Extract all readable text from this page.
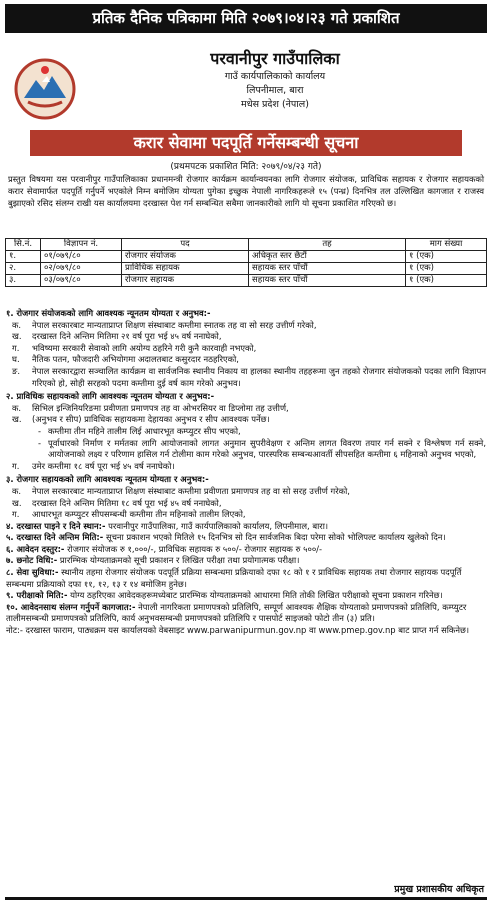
प्रतिक दैनिक पत्रिकामा मिति २०७९।०४।२३ गते प्रकाशित
परवानीपुर गाउँपालिका
गाउँ कार्यपालिकाको कार्यालय
लिपनीमाल, बारा
मधेस प्रदेश (नेपाल)
करार सेवामा पदपूर्ति गर्नेसम्बन्धी सूचना
(प्रथमपटक प्रकाशित मिति: २०७९/०४/२३ गते)
प्रस्तुत विषयमा यस परवानीपुर गाउँपालिकाका प्रधानमन्त्री रोजगार कार्यक्रम कार्यान्वयनका लागि रोजगार संयोजक, प्राविधिक सहायक र रोजगार सहायकको करार सेवामार्फत पदपूर्ति गर्नुपर्ने भएकोले निम्न बमोजिम योग्यता पुगेका इच्छुक नेपाली नागरिकहरूले १५ (पन्ध्र) दिनभित्र तल उल्लिखित कागजात र राजस्व बुझाएको रसिद संलग्न राखी यस कार्यालयमा दरखास्त पेश गर्न सम्बन्धित सबैमा जानकारीको लागि यो सूचना प्रकाशित गरिएको छ।
सि.नं.	विज्ञापन नं.	पद	तह	माग संख्या
१.	०१/०७९/८०	रोजगार संयोजक	अधिकृत स्तर छैटौं	१ (एक)
२.	०२/०७९/८०	प्राविधिक सहायक	सहायक स्तर पाँचौं	१ (एक)
३.	०३/०७९/८०	रोजगार सहायक	सहायक स्तर पाँचौं	१ (एक)
१. रोजगार संयोजकको लागि आवश्यक न्यूनतम योग्यता र अनुभव:-
क.	नेपाल सरकारबाट मान्यताप्राप्त शिक्षण संस्थाबाट कम्तीमा स्नातक तह वा सो सरह उत्तीर्ण गरेको,
ख.	दरखास्त दिने अन्तिम मितिमा २१ वर्ष पूरा भई ४५ वर्ष ननाघेको,
ग.	भविष्यमा सरकारी सेवाको लागि अयोग्य ठहरिने गरी कुनै कारवाही नभएको,
घ.	नैतिक पतन, फौजदारी अभियोगमा अदालतबाट कसुरदार नठहरिएको,
ङ.	नेपाल सरकारद्वारा सञ्चालित कार्यक्रम वा सार्वजनिक स्थानीय निकाय वा हालका स्थानीय तहहरूमा जुन तहको रोजगार संयोजकको पदका लागि विज्ञापन गरिएको हो, सोही सरहको पदमा कम्तीमा दुई वर्ष काम गरेको अनुभव।
२. प्राविधिक सहायकको लागि आवश्यक न्यूनतम योग्यता र अनुभव:-
क.	सिभिल इन्जिनियरिङमा प्रवीणता प्रमाणपत्र तह वा ओभरसियर वा डिप्लोमा तह उत्तीर्ण,
ख.	(अनुभव र सीप) प्राविधिक सहायकमा देहायका अनुभव र सीप आवश्यक पर्नेछ।
- कम्तीमा तीन महिने तालीम लिई आधारभूत कम्प्युटर सीप भएको,
- पूर्वाधारको निर्माण र मर्मतका लागि आयोजनाको लागत अनुमान सुपरीवेक्षण र अन्तिम लागत विवरण तयार गर्न सक्ने र विश्लेषण गर्न सक्ने, आयोजनाको लक्ष्य र परिणाम हासिल गर्न टोलीमा काम गरेको अनुभव, पारस्परिक सम्बन्धआवर्ती सीपसहित कम्तीमा ६ महिनाको अनुभव भएको,
ग.	उमेर कम्तीमा १८ वर्ष पूरा भई ४५ वर्ष ननाघेको।
३. रोजगार सहायकको लागि आवश्यक न्यूनतम योग्यता र अनुभव:-
क.	नेपाल सरकारबाट मान्यताप्राप्त शिक्षण संस्थाबाट कम्तीमा प्रवीणता प्रमाणपत्र तह वा सो सरह उत्तीर्ण गरेको,
ख.	दरखास्त दिने अन्तिम मितिमा १८ वर्ष पूरा भई ४५ वर्ष ननाघेको,
ग.	आधारभूत कम्प्युटर सीपसम्बन्धी कम्तीमा तीन महिनाको तालीम लिएको,
४. दरखास्त पाइने र दिने स्थान:- परवानीपुर गाउँपालिका, गाउँ कार्यपालिकाको कार्यालय, लिपनीमाल, बारा।
५. दरखास्त दिने अन्तिम मिति:- सूचना प्रकाशन भएको मितिले १५ दिनभित्र सो दिन सार्वजनिक बिदा परेमा सोको भोलिपल्ट कार्यालय खुलेको दिन।
६. आवेदन दस्तुर:- रोजगार संयोजक रु १,०००/-, प्राविधिक सहायक रु ५००/- रोजगार सहायक रु ५००/-
७. छनोट विधि:- प्रारम्भिक योग्यताक्रमको सूची प्रकाशन र लिखित परीक्षा तथा प्रयोगात्मक परीक्षा।
८. सेवा सुविधा:- स्थानीय तहमा रोजगार संयोजक पदपूर्ति प्रक्रिया सम्बन्धमा प्रक्रियाको दफा १८ को १ र प्राविधिक सहायक तथा रोजगार सहायक पदपूर्ति सम्बन्धमा प्रक्रियाको दफा ११, १२, १३ र १४ बमोजिम हुनेछ।
९. परीक्षाको मिति:- योग्य ठहरिएका आवेदकहरूमध्येबाट प्रारम्भिक योग्यताक्रमको आधारमा मिति तोकी लिखित परीक्षाको सूचना प्रकाशन गरिनेछ।
१०. आवेदनसाथ संलग्न गर्नुपर्ने कागजात:- नेपाली नागरिकता प्रमाणपत्रको प्रतिलिपि, सम्पूर्ण आवश्यक शैक्षिक योग्यताको प्रमाणपत्रको प्रतिलिपि, कम्प्युटर तालीमसम्बन्धी प्रमाणपत्रको प्रतिलिपि, कार्य अनुभवसम्बन्धी प्रमाणपत्रको प्रतिलिपि र पासपोर्ट साइजको फोटो तीन (३) प्रति।
नोट:- दरखास्त फाराम, पाठ्यक्रम यस कार्यालयको वेबसाइट www.parwanipurmun.gov.np वा www.pmep.gov.np बाट प्राप्त गर्न सकिनेछ।
प्रमुख प्रशासकीय अधिकृत
